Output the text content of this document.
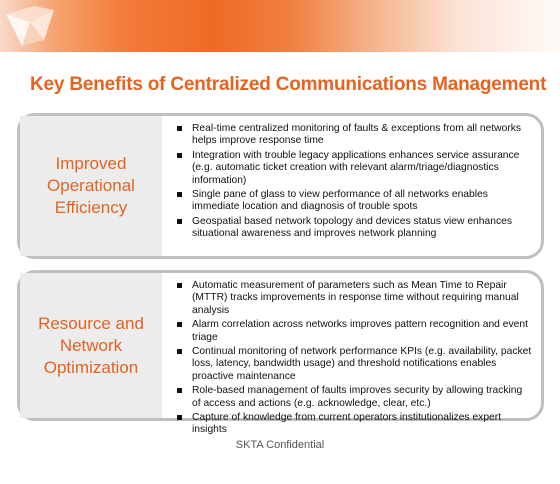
Key Benefits of Centralized Communications Management
Improved
Operational
Efficiency
Real-time centralized monitoring of faults & exceptions from all networks helps improve response time
Integration with trouble legacy applications enhances service assurance (e.g. automatic ticket creation with relevant alarm/triage/diagnostics information)
Single pane of glass to view performance of all networks enables immediate location and diagnosis of trouble spots
Geospatial based network topology and devices status view enhances situational awareness and improves network planning
Resource and
Network
Optimization
Automatic measurement of parameters such as Mean Time to Repair (MTTR) tracks improvements in response time without requiring manual analysis
Alarm correlation across networks improves pattern recognition and event triage
Continual monitoring of network performance KPIs (e.g. availability, packet loss, latency, bandwidth usage) and threshold notifications enables proactive maintenance
Role-based management of faults improves security by allowing tracking of access and actions (e.g. acknowledge, clear, etc.)
Capture of knowledge from current operators institutionalizes expert insights
SKTA Confidential
